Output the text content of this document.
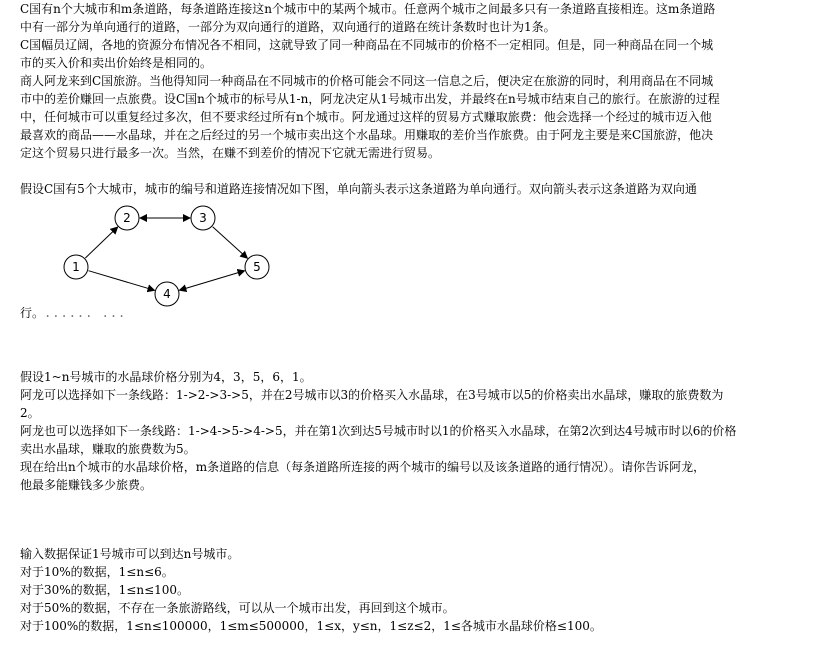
C国有n个大城市和m条道路，每条道路连接这n个城市中的某两个城市。任意两个城市之间最多只有一条道路直接相连。这m条道路
中有一部分为单向通行的道路，一部分为双向通行的道路，双向通行的道路在统计条数时也计为1条。
C国幅员辽阔，各地的资源分布情况各不相同，这就导致了同一种商品在不同城市的价格不一定相同。但是，同一种商品在同一个城
市的买入价和卖出价始终是相同的。
商人阿龙来到C国旅游。当他得知同一种商品在不同城市的价格可能会不同这一信息之后，便决定在旅游的同时，利用商品在不同城
市中的差价赚回一点旅费。设C国n个城市的标号从1-n，阿龙决定从1号城市出发，并最终在n号城市结束自己的旅行。在旅游的过程
中，任何城市可以重复经过多次，但不要求经过所有n个城市。阿龙通过这样的贸易方式赚取旅费：他会选择一个经过的城市迈入他
最喜欢的商品——水晶球，并在之后经过的另一个城市卖出这个水晶球。用赚取的差价当作旅费。由于阿龙主要是来C国旅游，他决
定这个贸易只进行最多一次。当然，在赚不到差价的情况下它就无需进行贸易。
假设C国有5个大城市，城市的编号和道路连接情况如下图，单向箭头表示这条道路为单向通行。双向箭头表示这条道路为双向通
1
2	3
4
5
行。...... ...
假设1~n号城市的水晶球价格分别为4，3，5，6，1。
阿龙可以选择如下一条线路：1->2->3->5，并在2号城市以3的价格买入水晶球，在3号城市以5的价格卖出水晶球，赚取的旅费数为
2。
阿龙也可以选择如下一条线路：1->4->5->4->5，并在第1次到达5号城市时以1的价格买入水晶球，在第2次到达4号城市时以6的价格
卖出水晶球，赚取的旅费数为5。
现在给出n个城市的水晶球价格，m条道路的信息（每条道路所连接的两个城市的编号以及该条道路的通行情况）。请你告诉阿龙，
他最多能赚钱多少旅费。
输入数据保证1号城市可以到达n号城市。
对于10%的数据，1≤n≤6。
对于30%的数据，1≤n≤100。
对于50%的数据，不存在一条旅游路线，可以从一个城市出发，再回到这个城市。
对于100%的数据，1≤n≤100000，1≤m≤500000，1≤x，y≤n，1≤z≤2，1≤各城市水晶球价格≤100。
